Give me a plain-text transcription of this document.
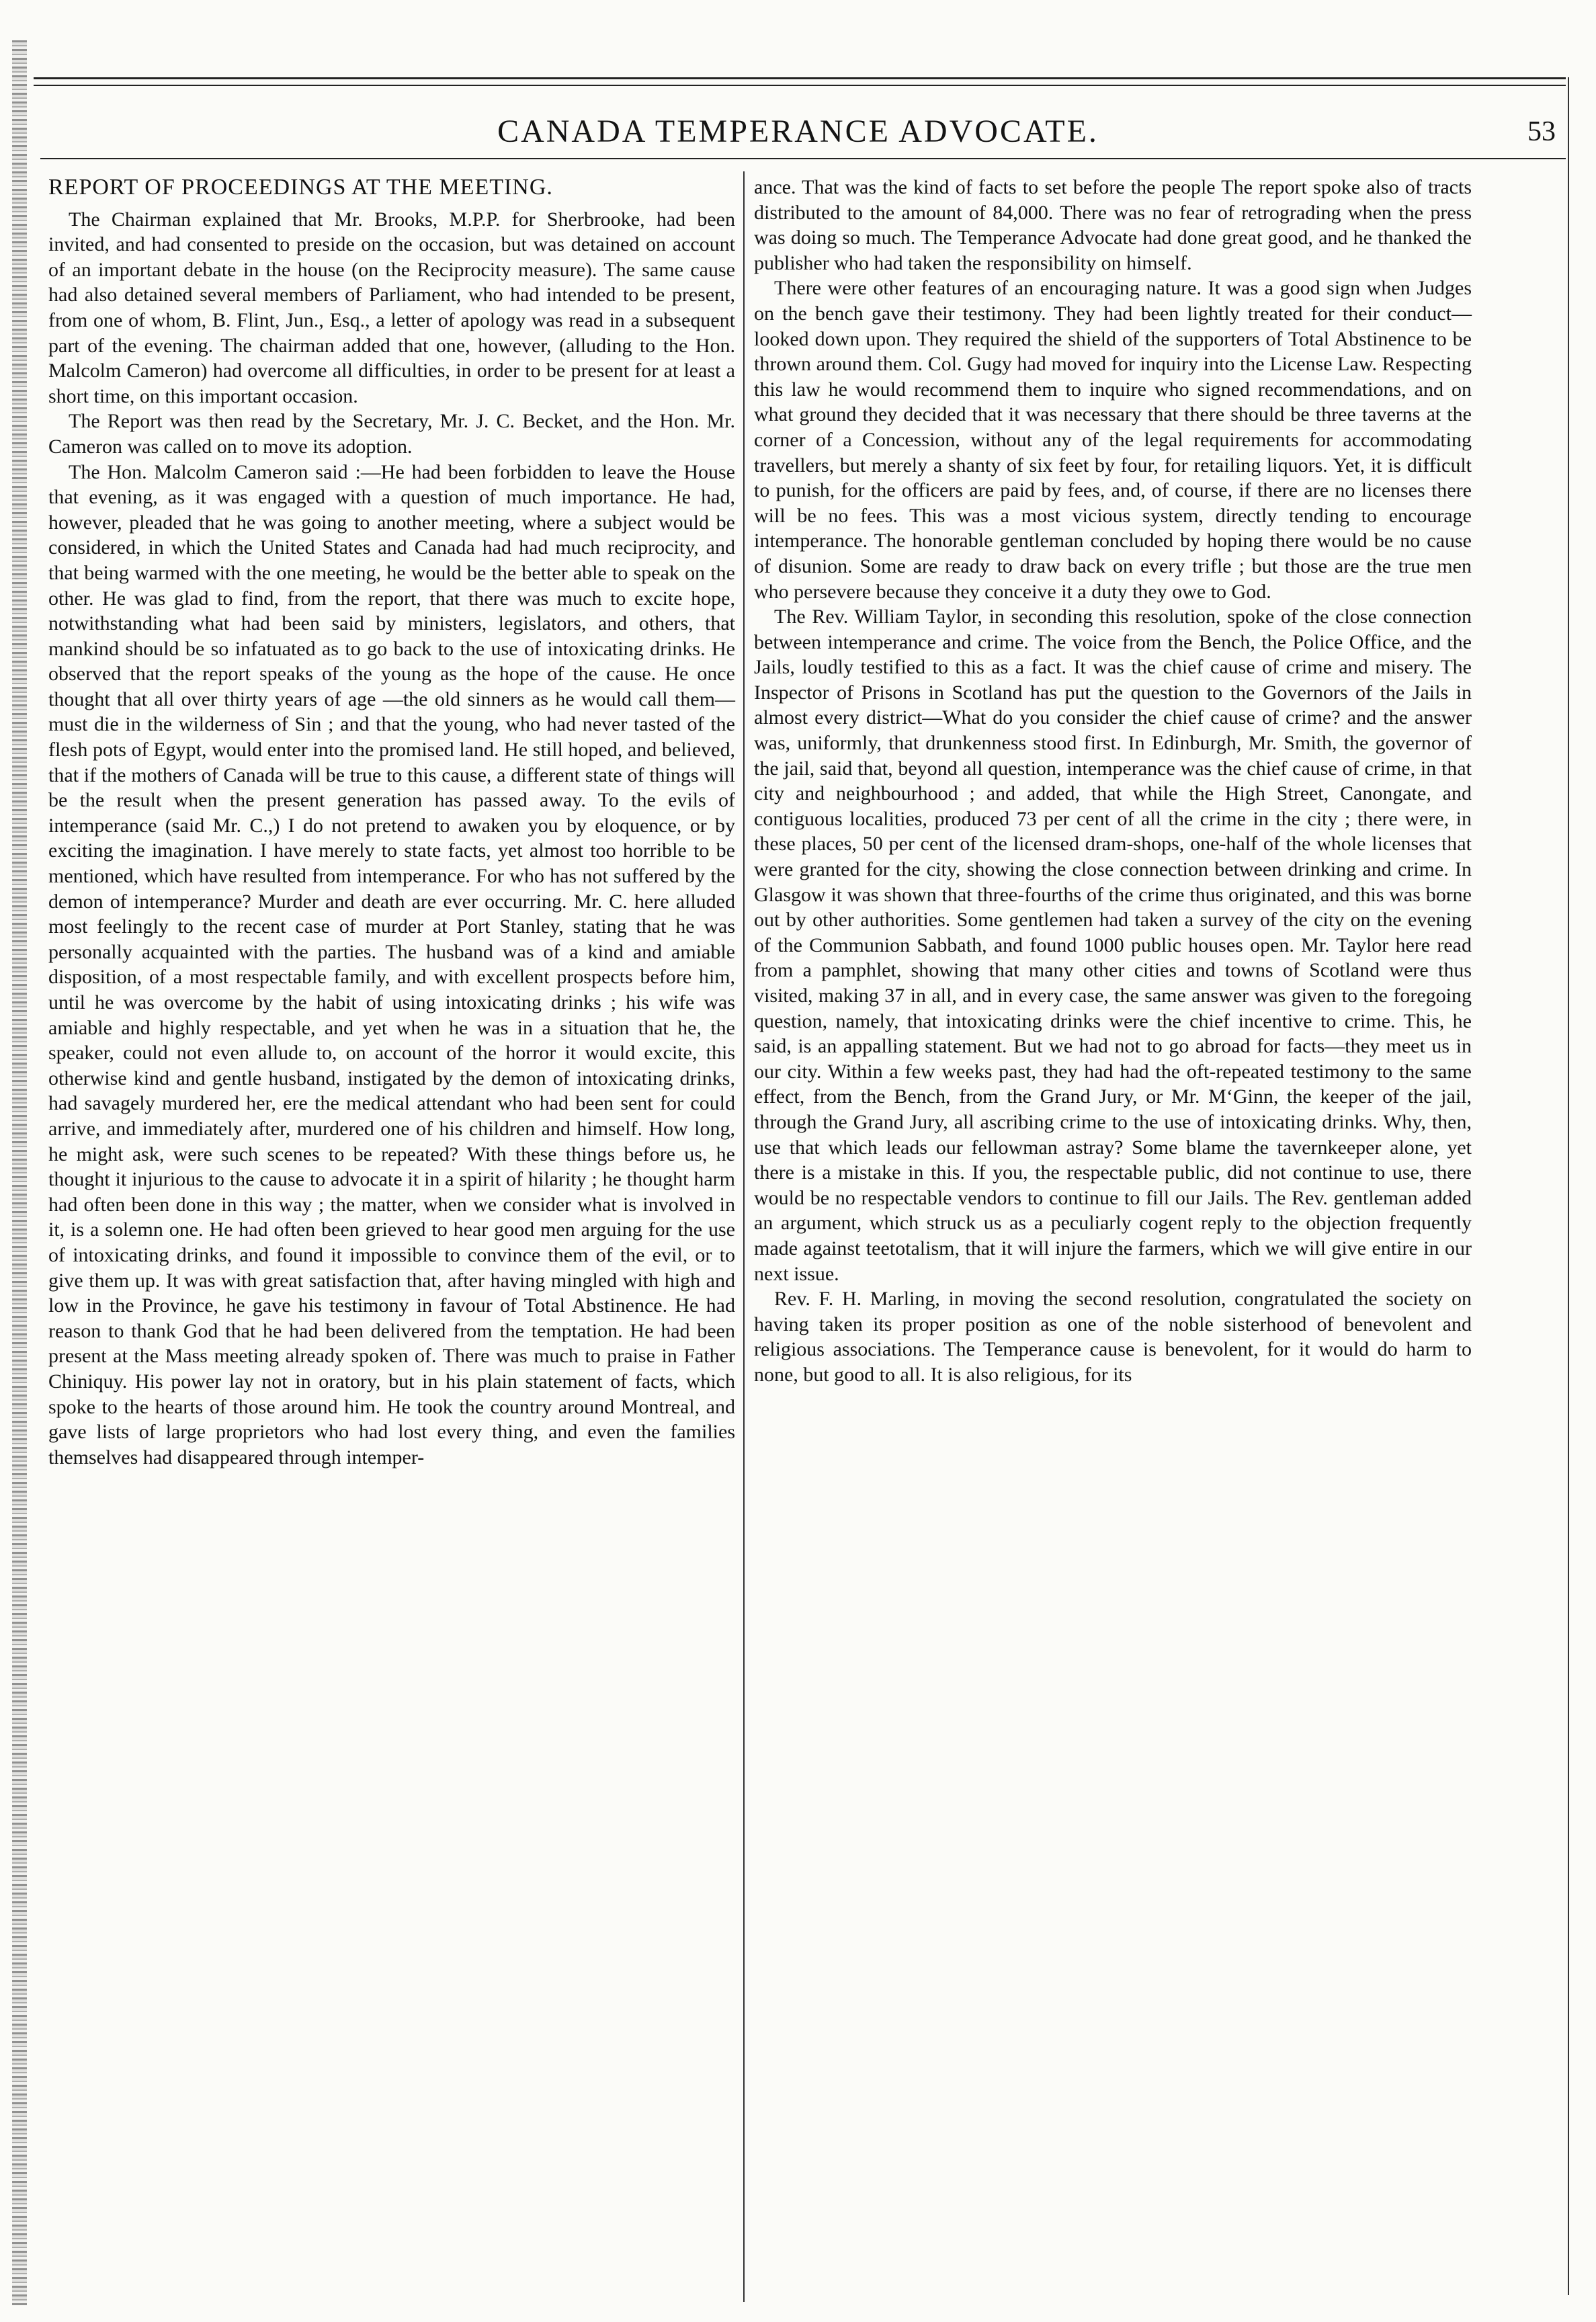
CANADA TEMPERANCE ADVOCATE.	53

REPORT OF PROCEEDINGS AT THE MEETING.

The Chairman explained that Mr. Brooks, M.P.P. for Sherbrooke, had been invited, and had consented to preside on the occasion, but was detained on account of an important debate in the house (on the Reciprocity measure). The same cause had also detained several members of Parliament, who had intended to be present, from one of whom, B. Flint, Jun., Esq., a letter of apology was read in a subsequent part of the evening. The chairman added that one, however, (alluding to the Hon. Malcolm Cameron) had overcome all difficulties, in order to be present for at least a short time, on this important occasion.

The Report was then read by the Secretary, Mr. J. C. Becket, and the Hon. Mr. Cameron was called on to move its adoption.

The Hon. Malcolm Cameron said :—He had been forbidden to leave the House that evening, as it was engaged with a question of much importance. He had, however, pleaded that he was going to another meeting, where a subject would be considered, in which the United States and Canada had had much reciprocity, and that being warmed with the one meeting, he would be the better able to speak on the other. He was glad to find, from the report, that there was much to excite hope, notwithstanding what had been said by ministers, legislators, and others, that mankind should be so infatuated as to go back to the use of intoxicating drinks. He observed that the report speaks of the young as the hope of the cause. He once thought that all over thirty years of age —the old sinners as he would call them—must die in the wilderness of Sin ; and that the young, who had never tasted of the flesh pots of Egypt, would enter into the promised land. He still hoped, and believed, that if the mothers of Canada will be true to this cause, a different state of things will be the result when the present generation has passed away. To the evils of intemperance (said Mr. C.,) I do not pretend to awaken you by eloquence, or by exciting the imagination. I have merely to state facts, yet almost too horrible to be mentioned, which have resulted from intemperance. For who has not suffered by the demon of intemperance? Murder and death are ever occurring. Mr. C. here alluded most feelingly to the recent case of murder at Port Stanley, stating that he was personally acquainted with the parties. The husband was of a kind and amiable disposition, of a most respectable family, and with excellent prospects before him, until he was overcome by the habit of using intoxicating drinks ; his wife was amiable and highly respectable, and yet when he was in a situation that he, the speaker, could not even allude to, on account of the horror it would excite, this otherwise kind and gentle husband, instigated by the demon of intoxicating drinks, had savagely murdered her, ere the medical attendant who had been sent for could arrive, and immediately after, murdered one of his children and himself. How long, he might ask, were such scenes to be repeated? With these things before us, he thought it injurious to the cause to advocate it in a spirit of hilarity ; he thought harm had often been done in this way ; the matter, when we consider what is involved in it, is a solemn one. He had often been grieved to hear good men arguing for the use of intoxicating drinks, and found it impossible to convince them of the evil, or to give them up. It was with great satisfaction that, after having mingled with high and low in the Province, he gave his testimony in favour of Total Abstinence. He had reason to thank God that he had been delivered from the temptation. He had been present at the Mass meeting already spoken of. There was much to praise in Father Chiniquy. His power lay not in oratory, but in his plain statement of facts, which spoke to the hearts of those around him. He took the country around Montreal, and gave lists of large proprietors who had lost every thing, and even the families themselves had disappeared through intemper-

ance. That was the kind of facts to set before the people The report spoke also of tracts distributed to the amount of 84,000. There was no fear of retrograding when the press was doing so much. The Temperance Advocate had done great good, and he thanked the publisher who had taken the responsibility on himself.

There were other features of an encouraging nature. It was a good sign when Judges on the bench gave their testimony. They had been lightly treated for their conduct— looked down upon. They required the shield of the supporters of Total Abstinence to be thrown around them. Col. Gugy had moved for inquiry into the License Law. Respecting this law he would recommend them to inquire who signed recommendations, and on what ground they decided that it was necessary that there should be three taverns at the corner of a Concession, without any of the legal requirements for accommodating travellers, but merely a shanty of six feet by four, for retailing liquors. Yet, it is difficult to punish, for the officers are paid by fees, and, of course, if there are no licenses there will be no fees. This was a most vicious system, directly tending to encourage intemperance. The honorable gentleman concluded by hoping there would be no cause of disunion. Some are ready to draw back on every trifle ; but those are the true men who persevere because they conceive it a duty they owe to God.

The Rev. William Taylor, in seconding this resolution, spoke of the close connection between intemperance and crime. The voice from the Bench, the Police Office, and the Jails, loudly testified to this as a fact. It was the chief cause of crime and misery. The Inspector of Prisons in Scotland has put the question to the Governors of the Jails in almost every district—What do you consider the chief cause of crime? and the answer was, uniformly, that drunkenness stood first. In Edinburgh, Mr. Smith, the governor of the jail, said that, beyond all question, intemperance was the chief cause of crime, in that city and neighbourhood ; and added, that while the High Street, Canongate, and contiguous localities, produced 73 per cent of all the crime in the city ; there were, in these places, 50 per cent of the licensed dram-shops, one-half of the whole licenses that were granted for the city, showing the close connection between drinking and crime. In Glasgow it was shown that three-fourths of the crime thus originated, and this was borne out by other authorities. Some gentlemen had taken a survey of the city on the evening of the Communion Sabbath, and found 1000 public houses open. Mr. Taylor here read from a pamphlet, showing that many other cities and towns of Scotland were thus visited, making 37 in all, and in every case, the same answer was given to the foregoing question, namely, that intoxicating drinks were the chief incentive to crime. This, he said, is an appalling statement. But we had not to go abroad for facts—they meet us in our city. Within a few weeks past, they had had the oft-repeated testimony to the same effect, from the Bench, from the Grand Jury, or Mr. M‘Ginn, the keeper of the jail, through the Grand Jury, all ascribing crime to the use of intoxicating drinks. Why, then, use that which leads our fellowman astray? Some blame the tavernkeeper alone, yet there is a mistake in this. If you, the respectable public, did not continue to use, there would be no respectable vendors to continue to fill our Jails. The Rev. gentleman added an argument, which struck us as a peculiarly cogent reply to the objection frequently made against teetotalism, that it will injure the farmers, which we will give entire in our next issue.

Rev. F. H. Marling, in moving the second resolution, congratulated the society on having taken its proper position as one of the noble sisterhood of benevolent and religious associations. The Temperance cause is benevolent, for it would do harm to none, but good to all. It is also religious, for its
